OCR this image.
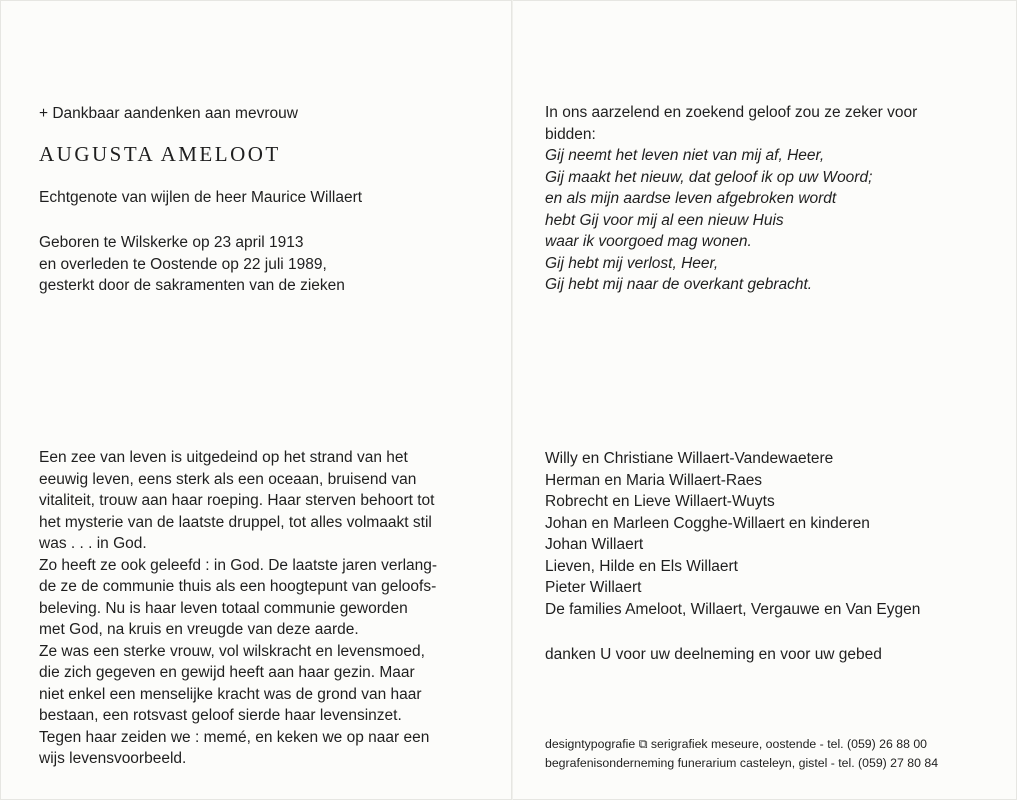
+ Dankbaar aandenken aan mevrouw
AUGUSTA AMELOOT
Echtgenote van wijlen de heer Maurice Willaert
Geboren te Wilskerke op 23 april 1913
en overleden te Oostende op 22 juli 1989,
gesterkt door de sakramenten van de zieken
In ons aarzelend en zoekend geloof zou ze zeker voor
bidden:
Gij neemt het leven niet van mij af, Heer,
Gij maakt het nieuw, dat geloof ik op uw Woord;
en als mijn aardse leven afgebroken wordt
hebt Gij voor mij al een nieuw Huis
waar ik voorgoed mag wonen.
Gij hebt mij verlost, Heer,
Gij hebt mij naar de overkant gebracht.
Een zee van leven is uitgedeind op het strand van het
eeuwig leven, eens sterk als een oceaan, bruisend van
vitaliteit, trouw aan haar roeping. Haar sterven behoort tot
het mysterie van de laatste druppel, tot alles volmaakt stil
was . . . in God.
Zo heeft ze ook geleefd : in God. De laatste jaren verlang-
de ze de communie thuis als een hoogtepunt van geloofs-
beleving. Nu is haar leven totaal communie geworden
met God, na kruis en vreugde van deze aarde.
Ze was een sterke vrouw, vol wilskracht en levensmoed,
die zich gegeven en gewijd heeft aan haar gezin. Maar
niet enkel een menselijke kracht was de grond van haar
bestaan, een rotsvast geloof sierde haar levensinzet.
Tegen haar zeiden we : memé, en keken we op naar een
wijs levensvoorbeeld.
Willy en Christiane Willaert-Vandewaetere
Herman en Maria Willaert-Raes
Robrecht en Lieve Willaert-Wuyts
Johan en Marleen Cogghe-Willaert en kinderen
Johan Willaert
Lieven, Hilde en Els Willaert
Pieter Willaert
De families Ameloot, Willaert, Vergauwe en Van Eygen
danken U voor uw deelneming en voor uw gebed
designtypografie ⧉ serigrafiek meseure, oostende - tel. (059) 26 88 00
begrafenisonderneming funerarium casteleyn, gistel - tel. (059) 27 80 84
